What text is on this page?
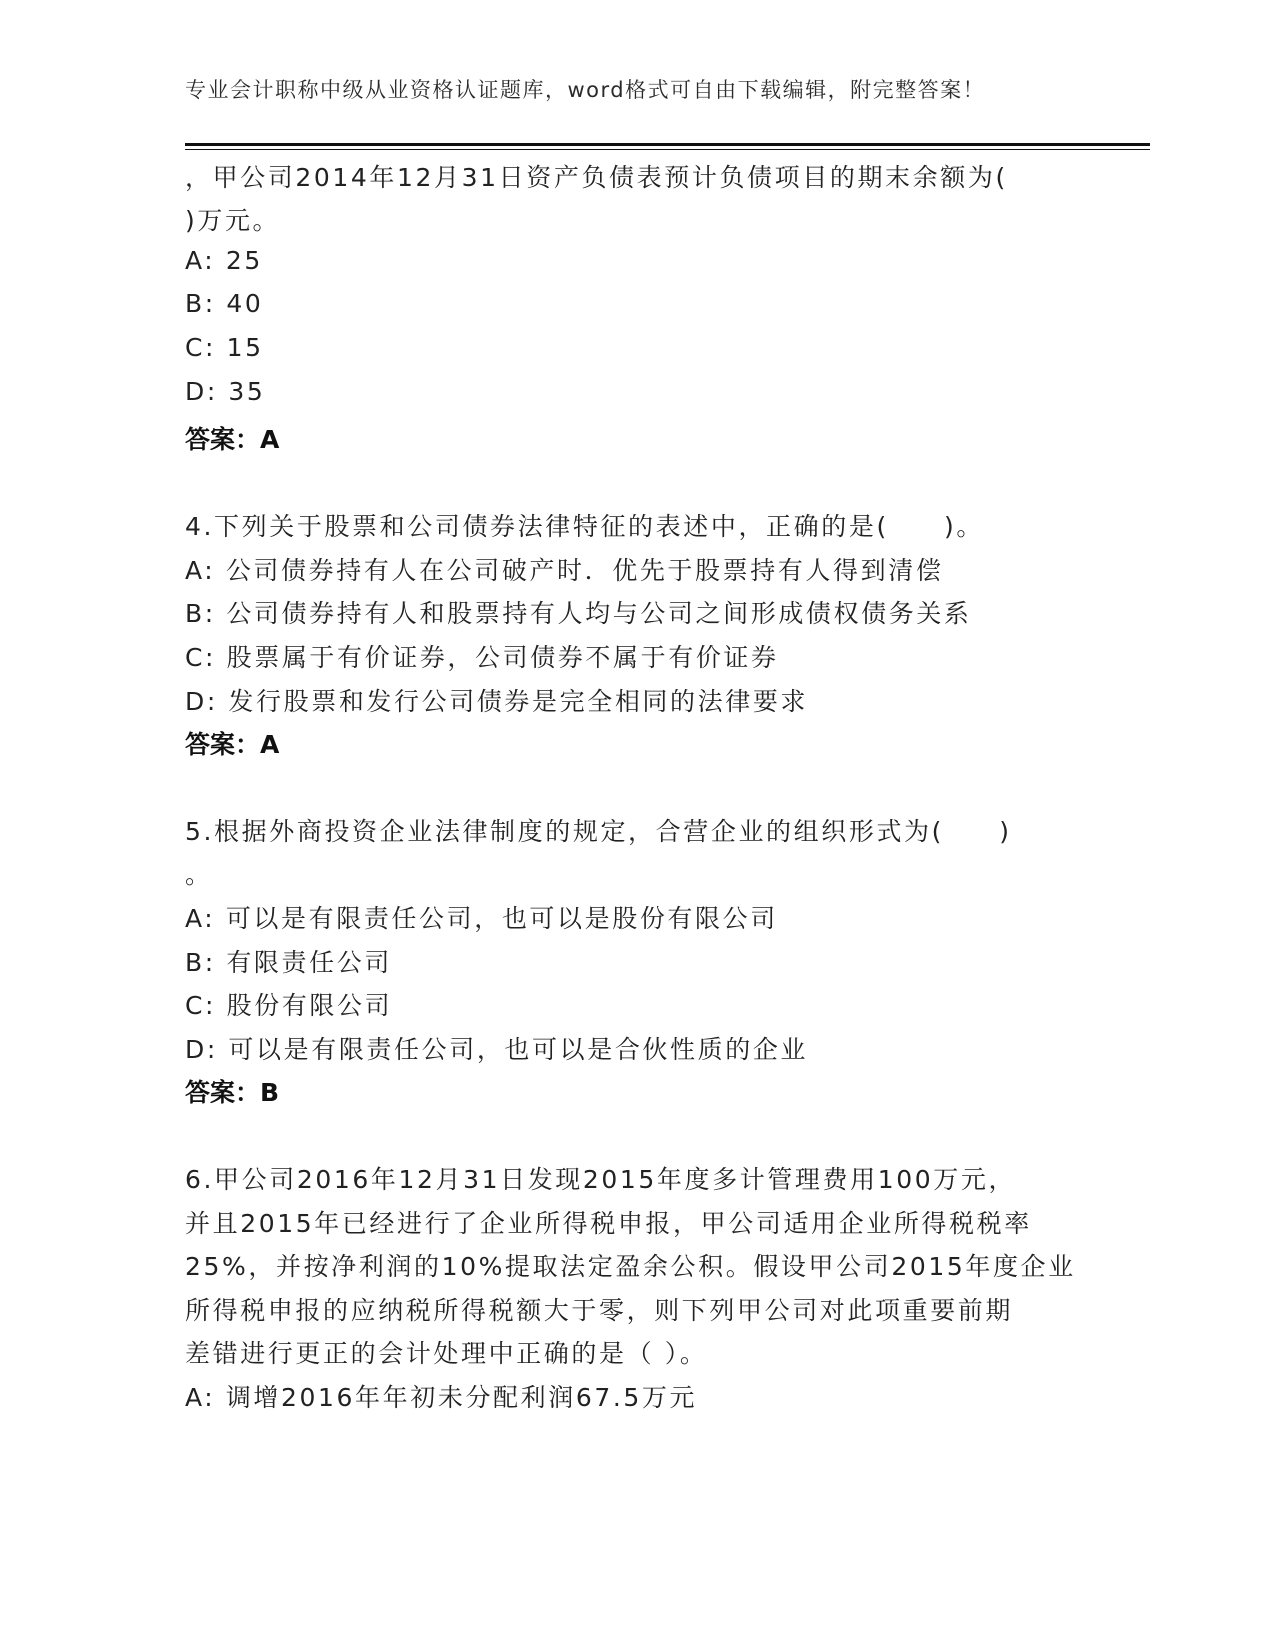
专业会计职称中级从业资格认证题库，word格式可自由下载编辑，附完整答案！
，甲公司2014年12月31日资产负债表预计负债项目的期末余额为(
)万元。
A: 25
B: 40
C: 15
D: 35
答案：A
4.下列关于股票和公司债券法律特征的表述中，正确的是(　　)。
A: 公司债券持有人在公司破产时．优先于股票持有人得到清偿
B: 公司债券持有人和股票持有人均与公司之间形成债权债务关系
C: 股票属于有价证券，公司债券不属于有价证券
D: 发行股票和发行公司债券是完全相同的法律要求
答案：A
5.根据外商投资企业法律制度的规定，合营企业的组织形式为(　　)
。
A: 可以是有限责任公司，也可以是股份有限公司
B: 有限责任公司
C: 股份有限公司
D: 可以是有限责任公司，也可以是合伙性质的企业
答案：B
6.甲公司2016年12月31日发现2015年度多计管理费用100万元，
并且2015年已经进行了企业所得税申报，甲公司适用企业所得税税率
25%，并按净利润的10%提取法定盈余公积。假设甲公司2015年度企业
所得税申报的应纳税所得税额大于零，则下列甲公司对此项重要前期
差错进行更正的会计处理中正确的是（ ）。
A: 调增2016年年初未分配利润67.5万元
